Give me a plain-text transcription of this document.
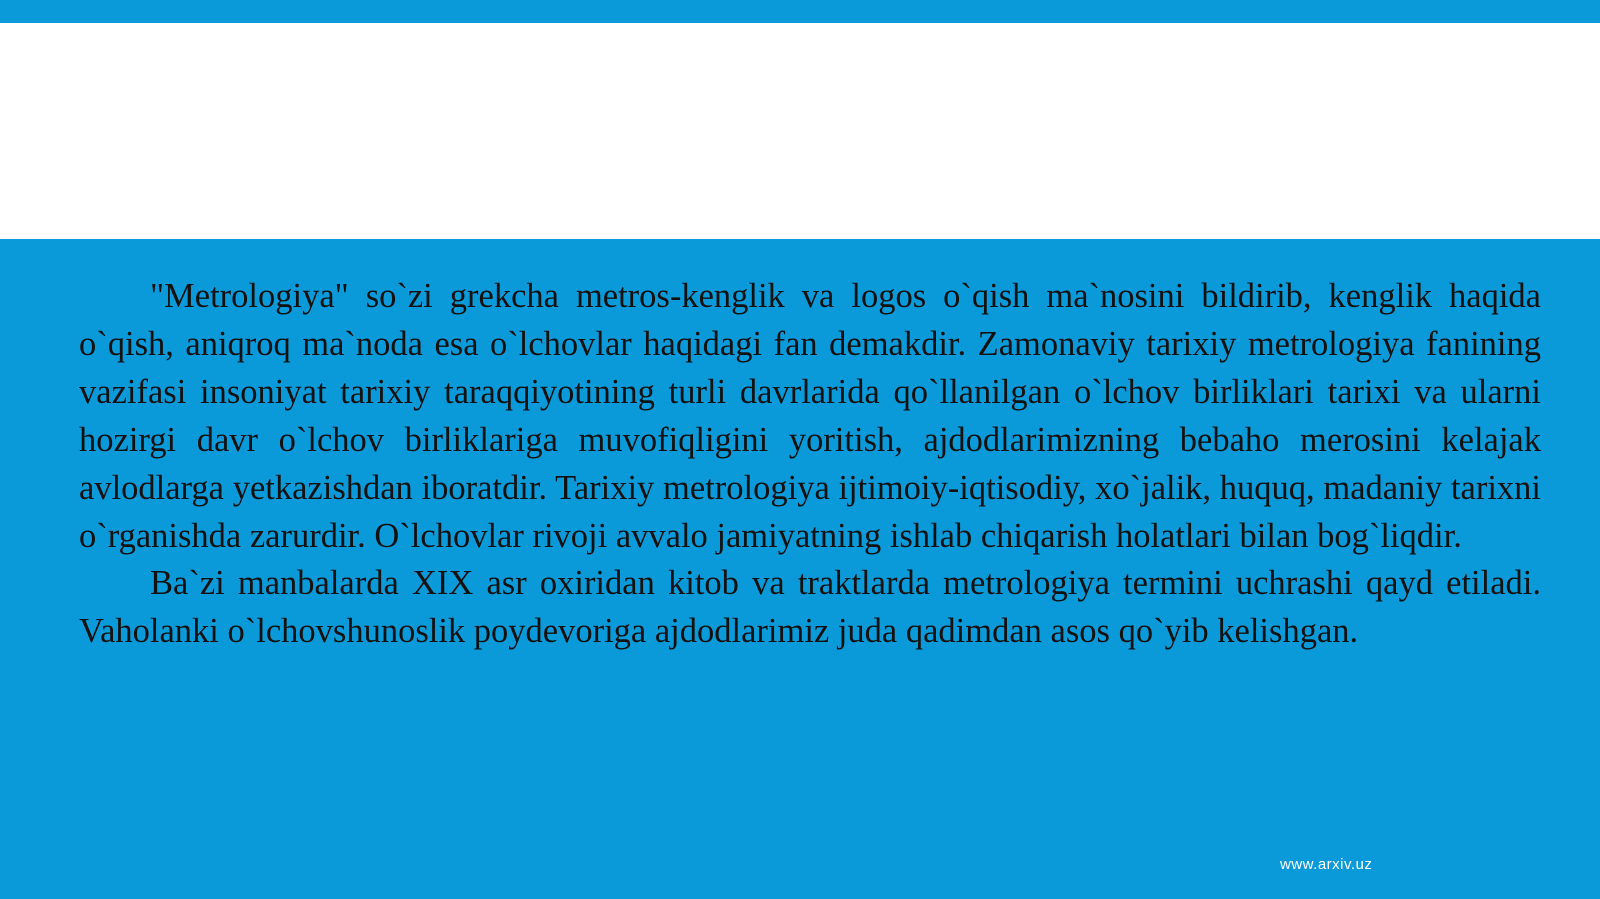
"Metrologiya" so`zi grekcha metros-kenglik va logos o`qish ma`nosini bildirib, kenglik haqida o`qish, aniqroq ma`noda esa o`lchovlar haqidagi fan demakdir. Zamonaviy tarixiy metrologiya fanining vazifasi insoniyat tarixiy taraqqiyotining turli davrlarida qo`llanilgan o`lchov birliklari tarixi va ularni hozirgi davr o`lchov birliklariga muvofiqligini yoritish, ajdodlarimizning bebaho merosini kelajak avlodlarga yetkazishdan iboratdir. Tarixiy metrologiya ijtimoiy-iqtisodiy, xo`jalik, huquq, madaniy tarixni o`rganishda zarurdir. O`lchovlar rivoji avvalo jamiyatning ishlab chiqarish holatlari bilan bog`liqdir.

Ba`zi manbalarda XIX asr oxiridan kitob va traktlarda metrologiya termini uchrashi qayd etiladi. Vaholanki o`lchovshunoslik poydevoriga ajdodlarimiz juda qadimdan asos qo`yib kelishgan.

www.arxiv.uz
